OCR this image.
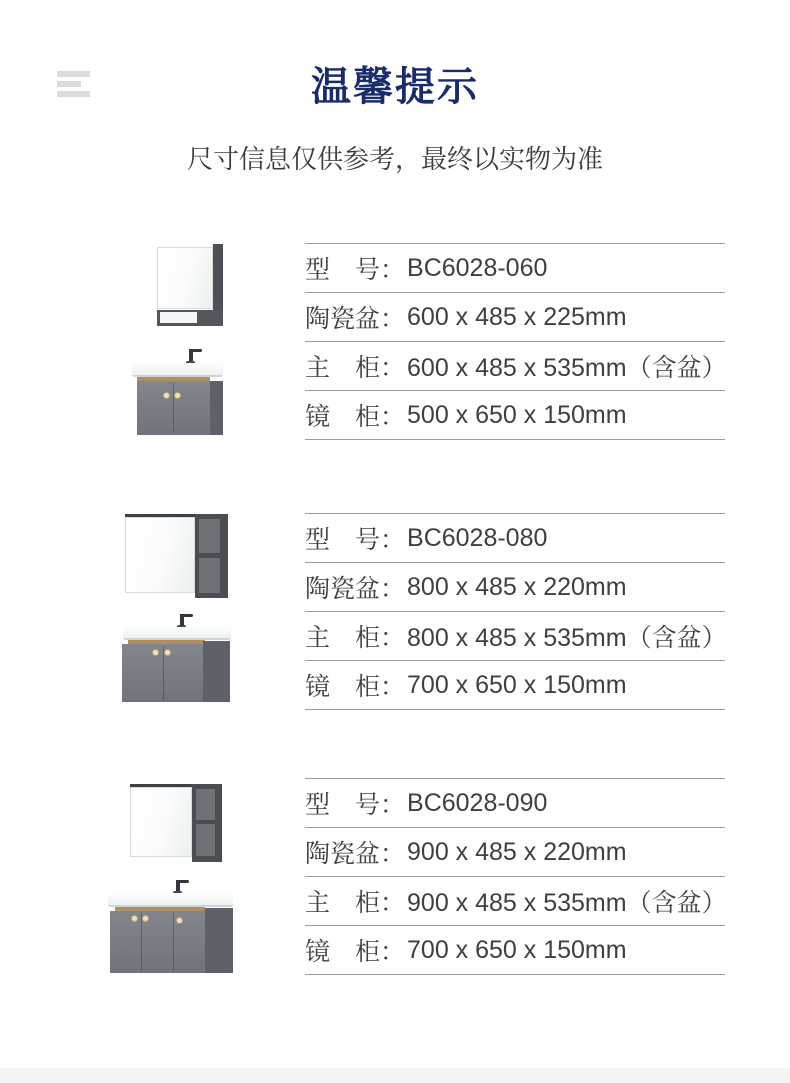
温馨提示

尺寸信息仅供参考，最终以实物为准

型　号： BC6028-060
陶瓷盆： 600 x 485 x 225mm
主　柜： 600 x 485 x 535mm（含盆）
镜　柜： 500 x 650 x 150mm
型　号： BC6028-080
陶瓷盆： 800 x 485 x 220mm
主　柜： 800 x 485 x 535mm（含盆）
镜　柜： 700 x 650 x 150mm
型　号： BC6028-090
陶瓷盆： 900 x 485 x 220mm
主　柜： 900 x 485 x 535mm（含盆）
镜　柜： 700 x 650 x 150mm
